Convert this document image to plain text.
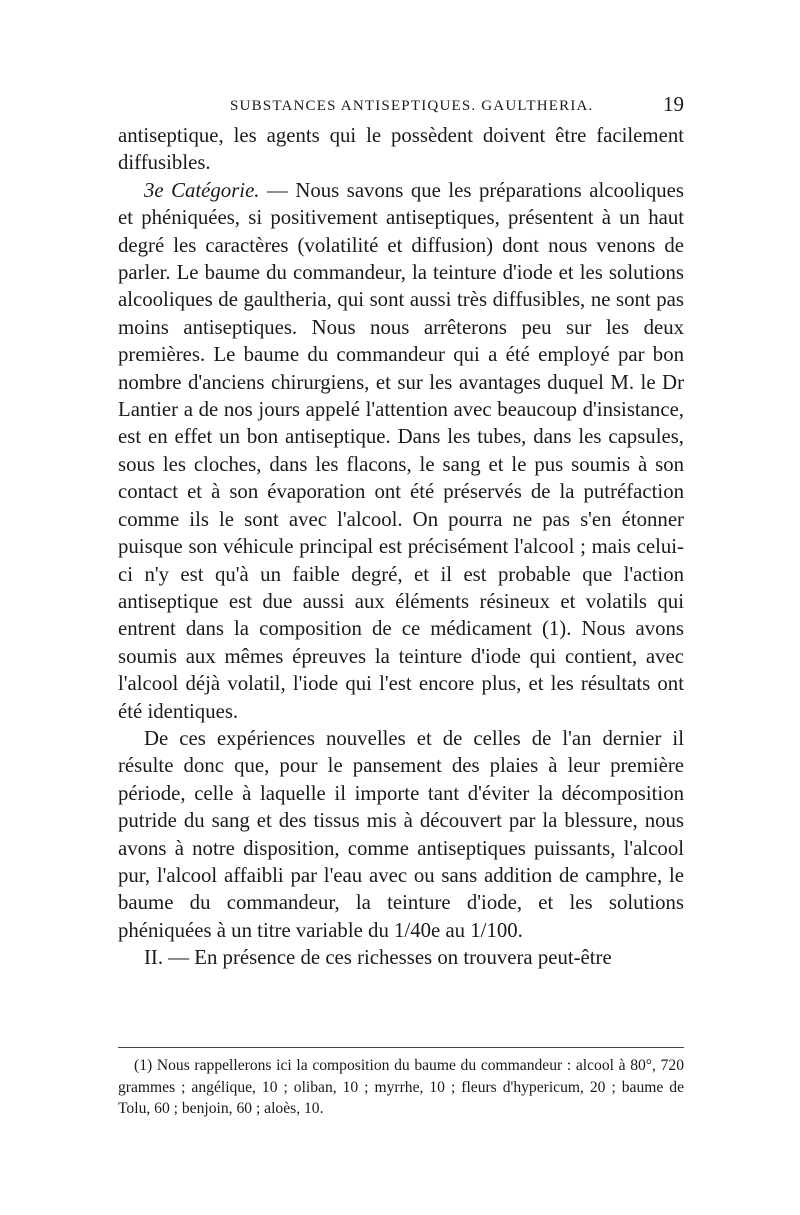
SUBSTANCES ANTISEPTIQUES. GAULTHERIA.	19

antiseptique, les agents qui le possèdent doivent être facilement diffusibles.

3e Catégorie. — Nous savons que les préparations alcooliques et phéniquées, si positivement antiseptiques, présentent à un haut degré les caractères (volatilité et diffusion) dont nous venons de parler. Le baume du commandeur, la teinture d'iode et les solutions alcooliques de gaultheria, qui sont aussi très diffusibles, ne sont pas moins antiseptiques. Nous nous arrêterons peu sur les deux premières. Le baume du commandeur qui a été employé par bon nombre d'anciens chirurgiens, et sur les avantages duquel M. le Dr Lantier a de nos jours appelé l'attention avec beaucoup d'insistance, est en effet un bon antiseptique. Dans les tubes, dans les capsules, sous les cloches, dans les flacons, le sang et le pus soumis à son contact et à son évaporation ont été préservés de la putréfaction comme ils le sont avec l'alcool. On pourra ne pas s'en étonner puisque son véhicule principal est précisément l'alcool ; mais celui-ci n'y est qu'à un faible degré, et il est probable que l'action antiseptique est due aussi aux éléments résineux et volatils qui entrent dans la composition de ce médicament (1). Nous avons soumis aux mêmes épreuves la teinture d'iode qui contient, avec l'alcool déjà volatil, l'iode qui l'est encore plus, et les résultats ont été identiques.

De ces expériences nouvelles et de celles de l'an dernier il résulte donc que, pour le pansement des plaies à leur première période, celle à laquelle il importe tant d'éviter la décomposition putride du sang et des tissus mis à découvert par la blessure, nous avons à notre disposition, comme antiseptiques puissants, l'alcool pur, l'alcool affaibli par l'eau avec ou sans addition de camphre, le baume du commandeur, la teinture d'iode, et les solutions phéniquées à un titre variable du 1/40e au 1/100.

II. — En présence de ces richesses on trouvera peut-être

(1) Nous rappellerons ici la composition du baume du commandeur : alcool à 80°, 720 grammes ; angélique, 10 ; oliban, 10 ; myrrhe, 10 ; fleurs d'hypericum, 20 ; baume de Tolu, 60 ; benjoin, 60 ; aloès, 10.
